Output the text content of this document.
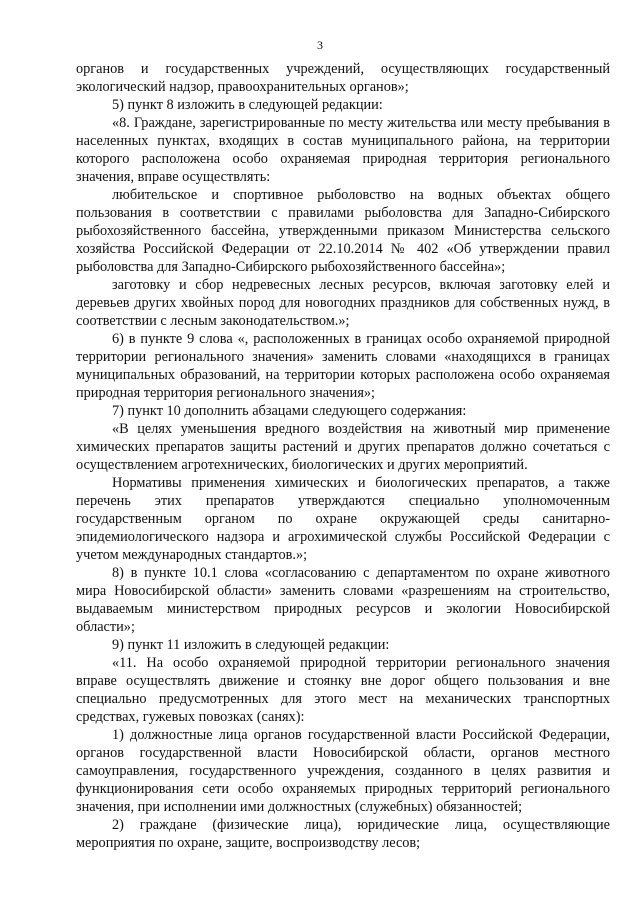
3

органов и государственных учреждений, осуществляющих государственный экологический надзор, правоохранительных органов»;

5) пункт 8 изложить в следующей редакции:

«8. Граждане, зарегистрированные по месту жительства или месту пребывания в населенных пунктах, входящих в состав муниципального района, на территории которого расположена особо охраняемая природная территория регионального значения, вправе осуществлять:

любительское и спортивное рыболовство на водных объектах общего пользования в соответствии с правилами рыболовства для Западно-Сибирского рыбохозяйственного бассейна, утвержденными приказом Министерства сельского хозяйства Российской Федерации от 22.10.2014 № 402 «Об утверждении правил рыболовства для Западно-Сибирского рыбохозяйственного бассейна»;

заготовку и сбор недревесных лесных ресурсов, включая заготовку елей и деревьев других хвойных пород для новогодних праздников для собственных нужд, в соответствии с лесным законодательством.»;

6) в пункте 9 слова «, расположенных в границах особо охраняемой природной территории регионального значения» заменить словами «находящихся в границах муниципальных образований, на территории которых расположена особо охраняемая природная территория регионального значения»;

7) пункт 10 дополнить абзацами следующего содержания:

«В целях уменьшения вредного воздействия на животный мир применение химических препаратов защиты растений и других препаратов должно сочетаться с осуществлением агротехнических, биологических и других мероприятий.

Нормативы применения химических и биологических препаратов, а также перечень этих препаратов утверждаются специально уполномоченным государственным органом по охране окружающей среды санитарно-эпидемиологического надзора и агрохимической службы Российской Федерации с учетом международных стандартов.»;

8) в пункте 10.1 слова «согласованию с департаментом по охране животного мира Новосибирской области» заменить словами «разрешениям на строительство, выдаваемым министерством природных ресурсов и экологии Новосибирской области»;

9) пункт 11 изложить в следующей редакции:

«11. На особо охраняемой природной территории регионального значения вправе осуществлять движение и стоянку вне дорог общего пользования и вне специально предусмотренных для этого мест на механических транспортных средствах, гужевых повозках (санях):

1) должностные лица органов государственной власти Российской Федерации, органов государственной власти Новосибирской области, органов местного самоуправления, государственного учреждения, созданного в целях развития и функционирования сети особо охраняемых природных территорий регионального значения, при исполнении ими должностных (служебных) обязанностей;

2) граждане (физические лица), юридические лица, осуществляющие мероприятия по охране, защите, воспроизводству лесов;
